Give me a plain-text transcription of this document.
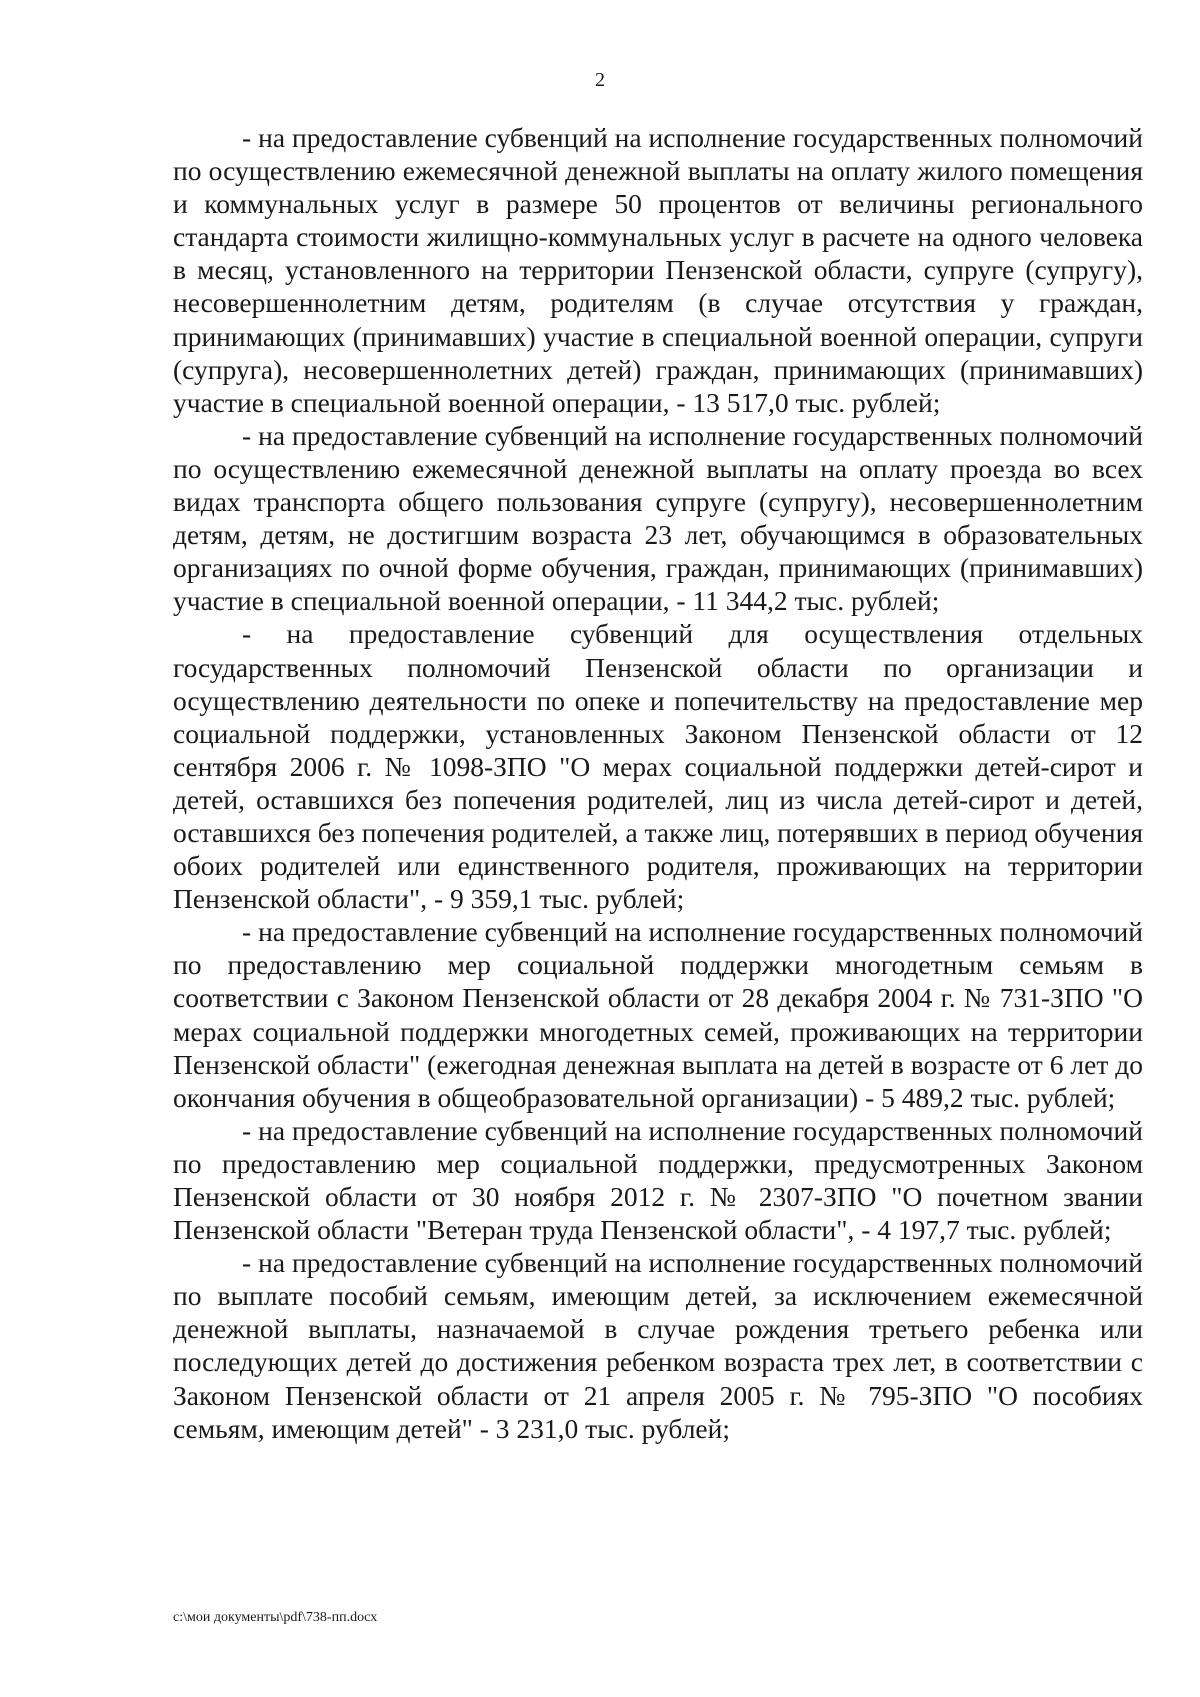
2

- на предоставление субвенций на исполнение государственных полномочий по осуществлению ежемесячной денежной выплаты на оплату жилого помещения и коммунальных услуг в размере 50 процентов от величины регионального стандарта стоимости жилищно-коммунальных услуг в расчете на одного человека в месяц, установленного на территории Пензенской области, супруге (супругу), несовершеннолетним детям, родителям (в случае отсутствия у граждан, принимающих (принимавших) участие в специальной военной операции, супруги (супруга), несовершеннолетних детей) граждан, принимающих (принимавших) участие в специальной военной операции, - 13 517,0 тыс. рублей;

- на предоставление субвенций на исполнение государственных полномочий по осуществлению ежемесячной денежной выплаты на оплату проезда во всех видах транспорта общего пользования супруге (супругу), несовершеннолетним детям, детям, не достигшим возраста 23 лет, обучающимся в образовательных организациях по очной форме обучения, граждан, принимающих (принимавших) участие в специальной военной операции, - 11 344,2 тыс. рублей;

- на предоставление субвенций для осуществления отдельных государственных полномочий Пензенской области по организации и осуществлению деятельности по опеке и попечительству на предоставление мер социальной поддержки, установленных Законом Пензенской области от 12 сентября 2006 г. № 1098-ЗПО "О мерах социальной поддержки детей-сирот и детей, оставшихся без попечения родителей, лиц из числа детей-сирот и детей, оставшихся без попечения родителей, а также лиц, потерявших в период обучения обоих родителей или единственного родителя, проживающих на территории Пензенской области", - 9 359,1 тыс. рублей;

- на предоставление субвенций на исполнение государственных полномочий по предоставлению мер социальной поддержки многодетным семьям в соответствии с Законом Пензенской области от 28 декабря 2004 г. № 731-ЗПО "О мерах социальной поддержки многодетных семей, проживающих на территории Пензенской области" (ежегодная денежная выплата на детей в возрасте от 6 лет до окончания обучения в общеобразовательной организации) - 5 489,2 тыс. рублей;

- на предоставление субвенций на исполнение государственных полномочий по предоставлению мер социальной поддержки, предусмотренных Законом Пензенской области от 30 ноября 2012 г. № 2307-ЗПО "О почетном звании Пензенской области "Ветеран труда Пензенской области", - 4 197,7 тыс. рублей;

- на предоставление субвенций на исполнение государственных полномочий по выплате пособий семьям, имеющим детей, за исключением ежемесячной денежной выплаты, назначаемой в случае рождения третьего ребенка или последующих детей до достижения ребенком возраста трех лет, в соответствии с Законом Пензенской области от 21 апреля 2005 г. № 795-ЗПО "О пособиях семьям, имеющим детей" - 3 231,0 тыс. рублей;

c:\мои документы\pdf\738-пп.docx
